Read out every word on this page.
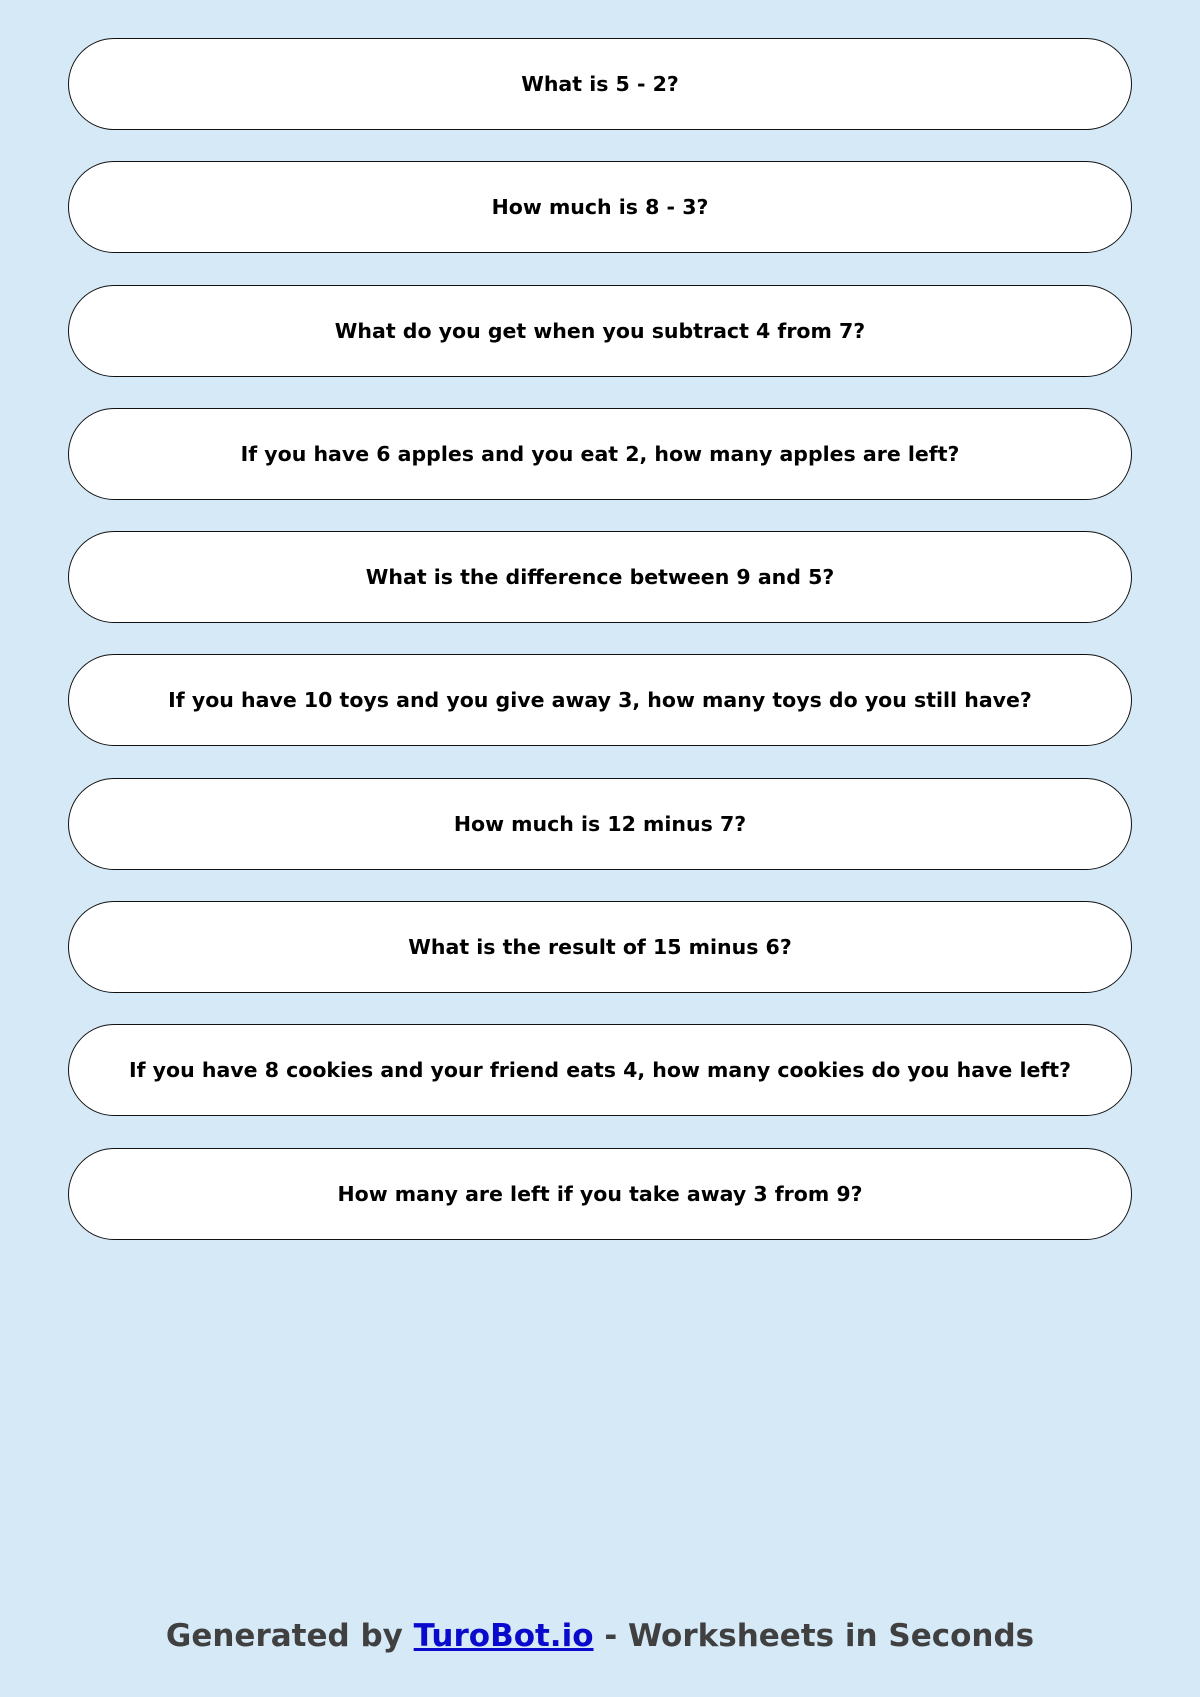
What is 5 - 2?
How much is 8 - 3?
What do you get when you subtract 4 from 7?
If you have 6 apples and you eat 2, how many apples are left?
What is the difference between 9 and 5?
If you have 10 toys and you give away 3, how many toys do you still have?
How much is 12 minus 7?
What is the result of 15 minus 6?
If you have 8 cookies and your friend eats 4, how many cookies do you have left?
How many are left if you take away 3 from 9?
Generated by TuroBot.io - Worksheets in Seconds
